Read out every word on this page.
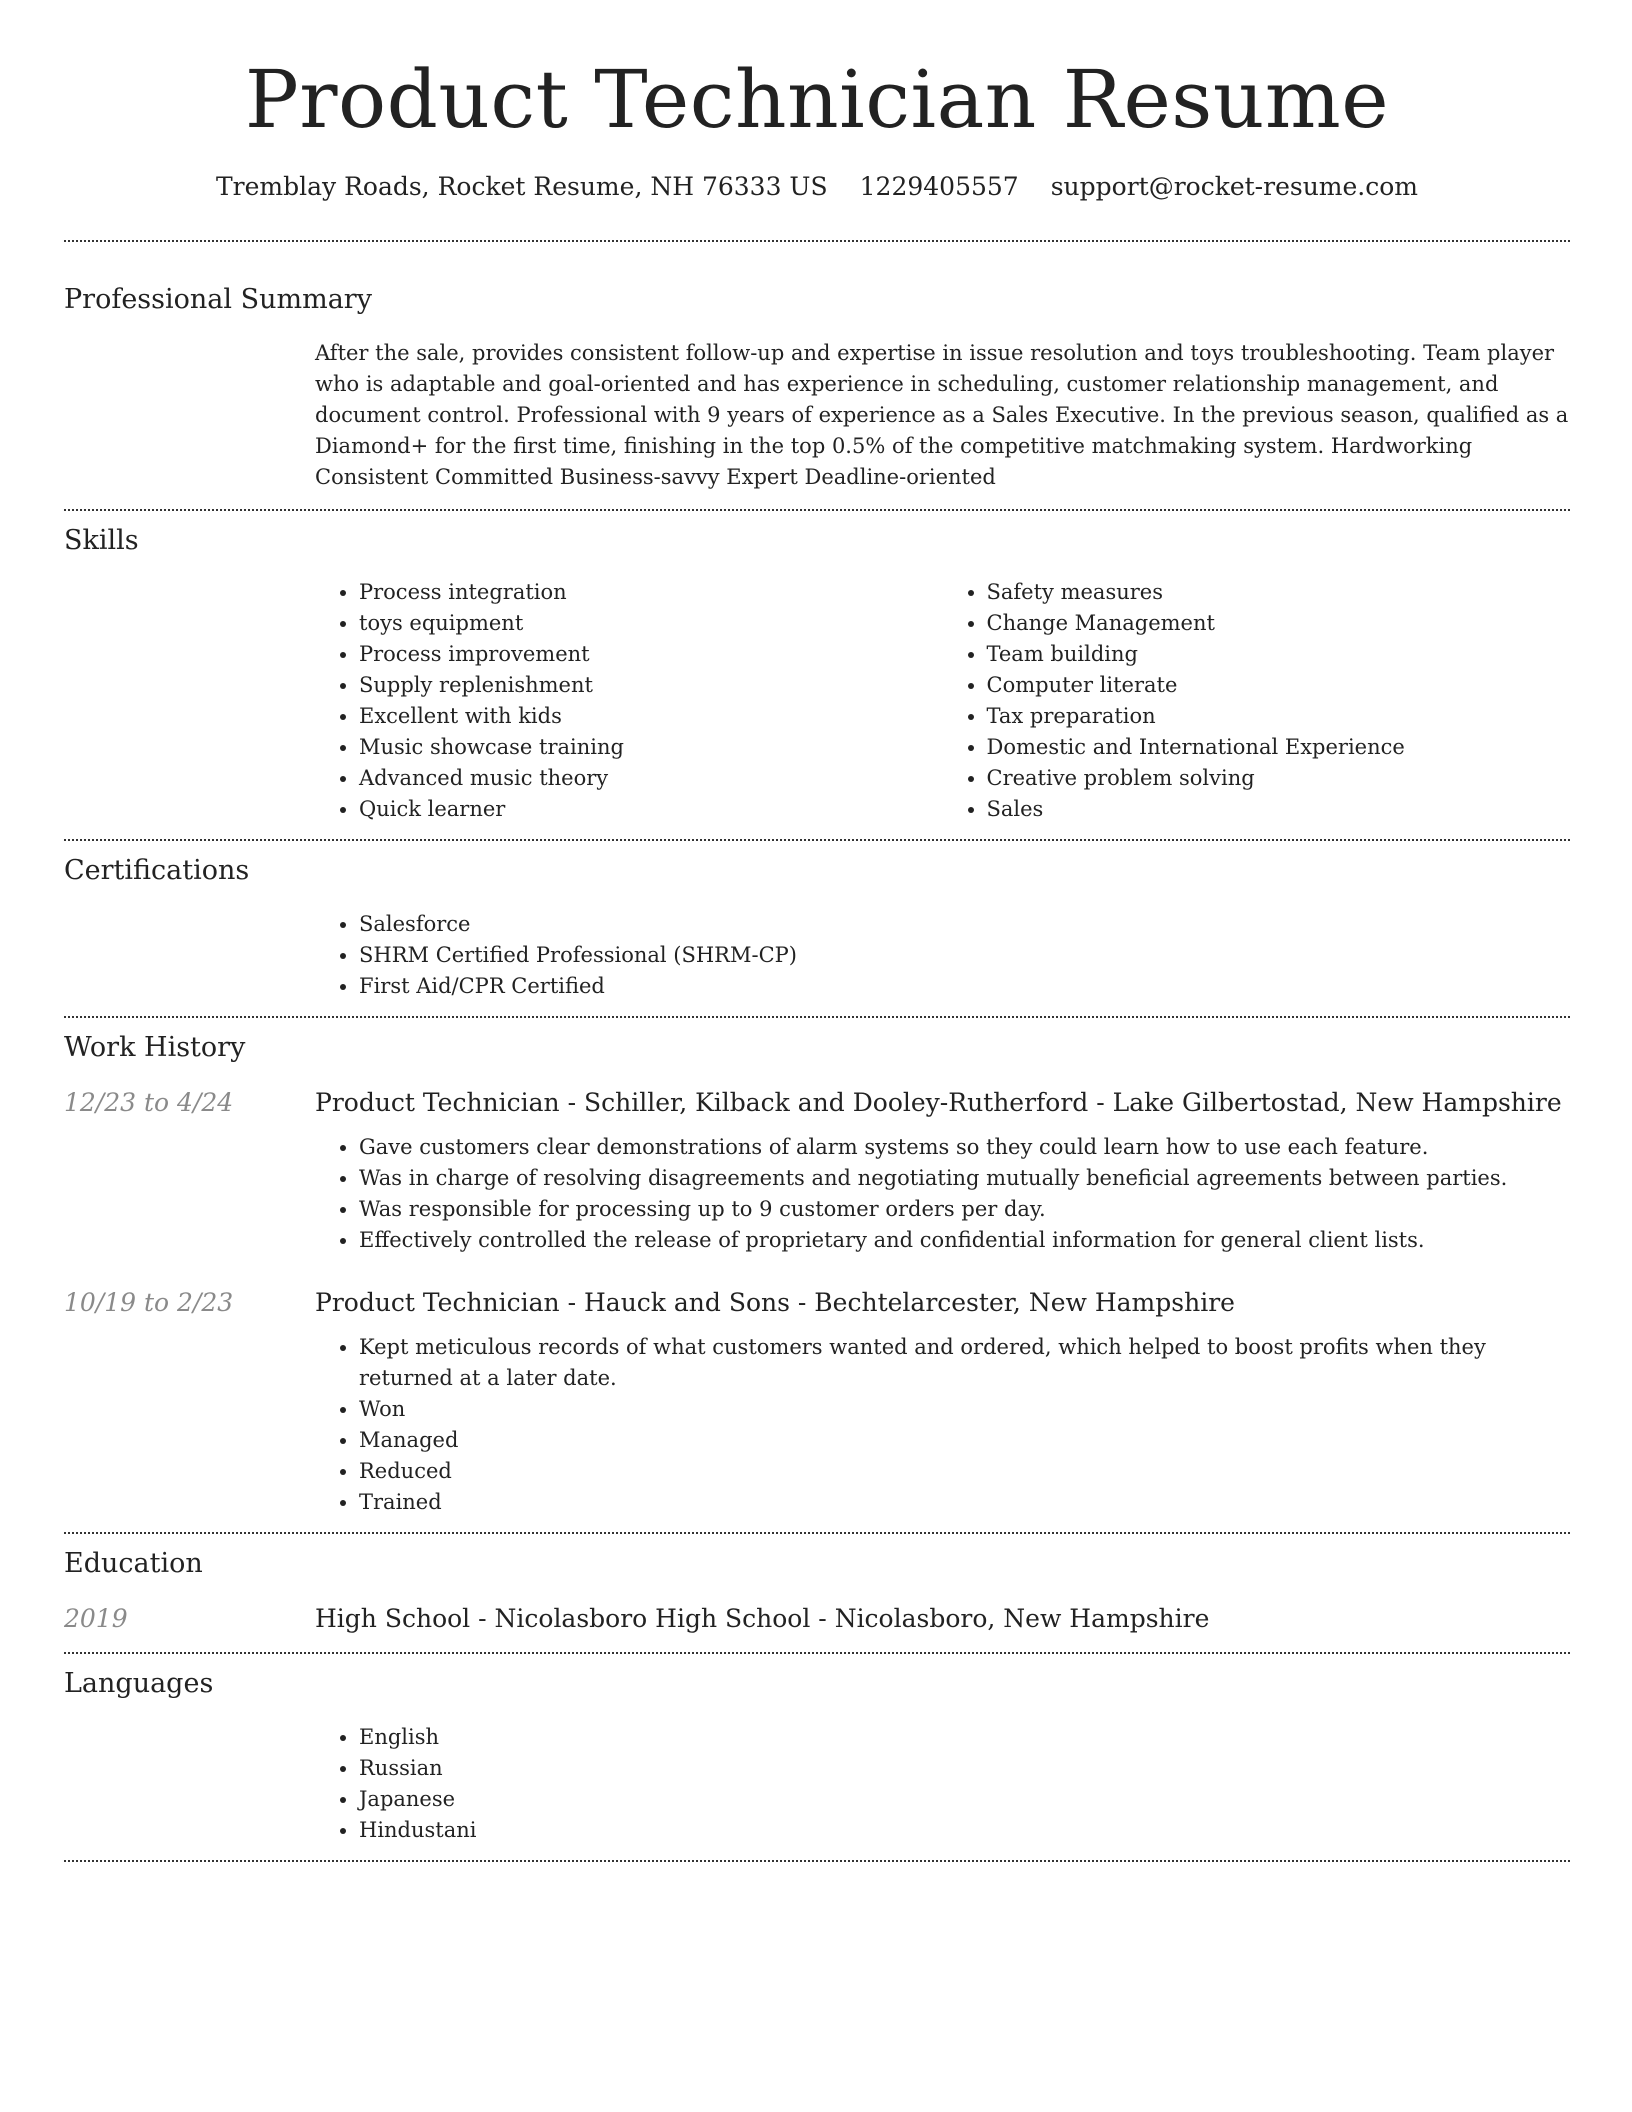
Product Technician Resume
Tremblay Roads, Rocket Resume, NH 76333 US 1229405557 support@rocket-resume.com
Professional Summary

After the sale, provides consistent follow-up and expertise in issue resolution and toys troubleshooting. Team player who is adaptable and goal-oriented and has experience in scheduling, customer relationship management, and document control. Professional with 9 years of experience as a Sales Executive. In the previous season, qualified as a Diamond+ for the first time, finishing in the top 0.5% of the competitive matchmaking system. Hardworking Consistent Committed Business-savvy Expert Deadline-oriented

Skills
• Process integration
• toys equipment
• Process improvement
• Supply replenishment
• Excellent with kids
• Music showcase training
• Advanced music theory
• Quick learner
• Safety measures
• Change Management
• Team building
• Computer literate
• Tax preparation
• Domestic and International Experience
• Creative problem solving
• Sales
Certifications
• Salesforce
• SHRM Certified Professional (SHRM-CP)
• First Aid/CPR Certified
Work History
12/23 to 4/24	Product Technician - Schiller, Kilback and Dooley-Rutherford - Lake Gilbertostad, New Hampshire
• Gave customers clear demonstrations of alarm systems so they could learn how to use each feature.
• Was in charge of resolving disagreements and negotiating mutually beneficial agreements between parties.
• Was responsible for processing up to 9 customer orders per day.
• Effectively controlled the release of proprietary and confidential information for general client lists.
10/19 to 2/23	Product Technician - Hauck and Sons - Bechtelarcester, New Hampshire
• Kept meticulous records of what customers wanted and ordered, which helped to boost profits when they returned at a later date.
• Won
• Managed
• Reduced
• Trained
Education
2019	High School - Nicolasboro High School - Nicolasboro, New Hampshire
Languages
• English
• Russian
• Japanese
• Hindustani
